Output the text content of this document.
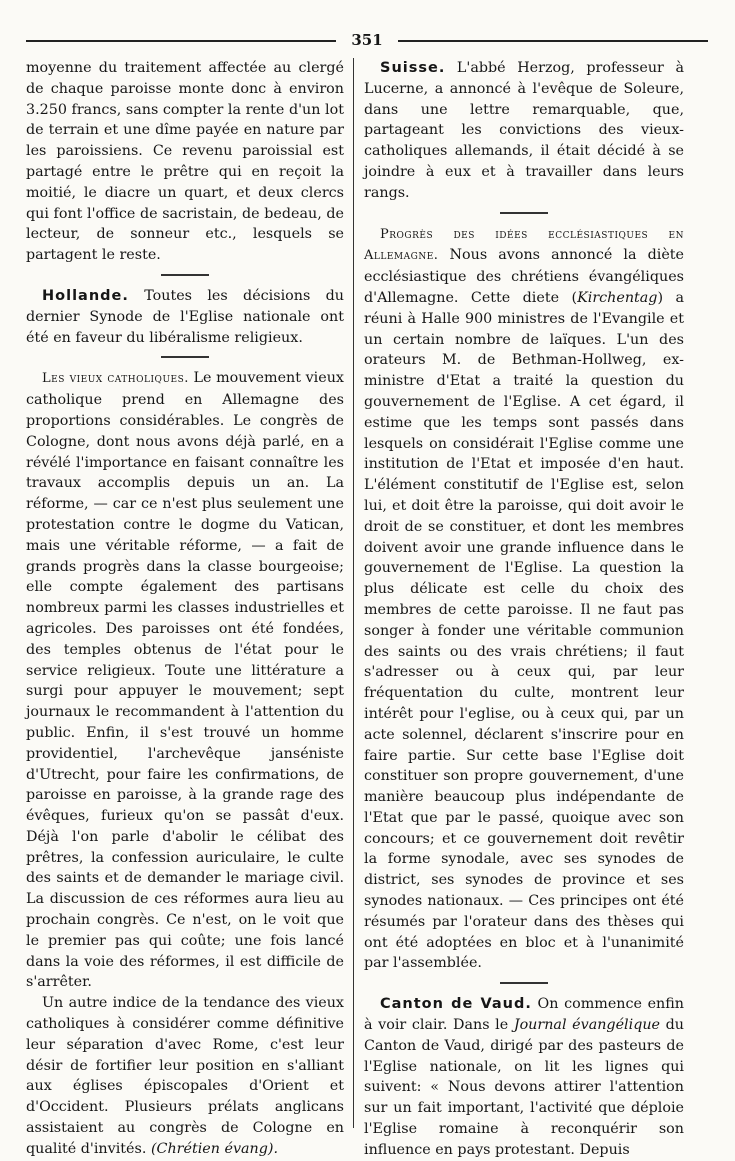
351

moyenne du traitement affectée au clergé de chaque paroisse monte donc à environ 3.250 francs, sans compter la rente d'un lot de terrain et une dîme payée en nature par les paroissiens. Ce revenu paroissial est partagé entre le prêtre qui en reçoit la moitié, le diacre un quart, et deux clercs qui font l'office de sacristain, de bedeau, de lecteur, de sonneur etc., lesquels se partagent le reste.

Hollande. Toutes les décisions du dernier Synode de l'Eglise nationale ont été en faveur du libéralisme religieux.

Les vieux catholiques. Le mouvement vieux catholique prend en Allemagne des proportions considérables. Le congrès de Cologne, dont nous avons déjà parlé, en a révélé l'importance en faisant connaître les travaux accomplis depuis un an. La réforme, — car ce n'est plus seulement une protestation contre le dogme du Vatican, mais une véritable réforme, — a fait de grands progrès dans la classe bourgeoise; elle compte également des partisans nombreux parmi les classes industrielles et agricoles. Des paroisses ont été fondées, des temples obtenus de l'état pour le service religieux. Toute une littérature a surgi pour appuyer le mouvement; sept journaux le recommandent à l'attention du public. Enfin, il s'est trouvé un homme providentiel, l'archevêque janséniste d'Utrecht, pour faire les confirmations, de paroisse en paroisse, à la grande rage des évêques, furieux qu'on se passât d'eux. Déjà l'on parle d'abolir le célibat des prêtres, la confession auriculaire, le culte des saints et de demander le mariage civil. La discussion de ces réformes aura lieu au prochain congrès. Ce n'est, on le voit que le premier pas qui coûte; une fois lancé dans la voie des réformes, il est difficile de s'arrêter.

Un autre indice de la tendance des vieux catholiques à considérer comme définitive leur séparation d'avec Rome, c'est leur désir de fortifier leur position en s'alliant aux églises épiscopales d'Orient et d'Occident. Plusieurs prélats anglicans assistaient au congrès de Cologne en qualité d'invités. (Chrétien évang).

Suisse. L'abbé Herzog, professeur à Lucerne, a annoncé à l'evêque de Soleure, dans une lettre remarquable, que, partageant les convictions des vieux-catholiques allemands, il était décidé à se joindre à eux et à travailler dans leurs rangs.

Progrès des idées ecclésiastiques en Allemagne. Nous avons annoncé la diète ecclésiastique des chrétiens évangéliques d'Allemagne. Cette diete (Kirchentag) a réuni à Halle 900 ministres de l'Evangile et un certain nombre de laïques. L'un des orateurs M. de Bethman-Hollweg, ex-ministre d'Etat a traité la question du gouvernement de l'Eglise. A cet égard, il estime que les temps sont passés dans lesquels on considérait l'Eglise comme une institution de l'Etat et imposée d'en haut. L'élément constitutif de l'Eglise est, selon lui, et doit être la paroisse, qui doit avoir le droit de se constituer, et dont les membres doivent avoir une grande influence dans le gouvernement de l'Eglise. La question la plus délicate est celle du choix des membres de cette paroisse. Il ne faut pas songer à fonder une véritable communion des saints ou des vrais chrétiens; il faut s'adresser ou à ceux qui, par leur fréquentation du culte, montrent leur intérêt pour l'eglise, ou à ceux qui, par un acte solennel, déclarent s'inscrire pour en faire partie. Sur cette base l'Eglise doit constituer son propre gouvernement, d'une manière beaucoup plus indépendante de l'Etat que par le passé, quoique avec son concours; et ce gouvernement doit revêtir la forme synodale, avec ses synodes de district, ses synodes de province et ses synodes nationaux. — Ces principes ont été résumés par l'orateur dans des thèses qui ont été adoptées en bloc et à l'unanimité par l'assemblée.

Canton de Vaud. On commence enfin à voir clair. Dans le Journal évangélique du Canton de Vaud, dirigé par des pasteurs de l'Eglise nationale, on lit les lignes qui suivent: « Nous devons attirer l'attention sur un fait important, l'activité que déploie l'Eglise romaine à reconquérir son influence en pays protestant. Depuis
